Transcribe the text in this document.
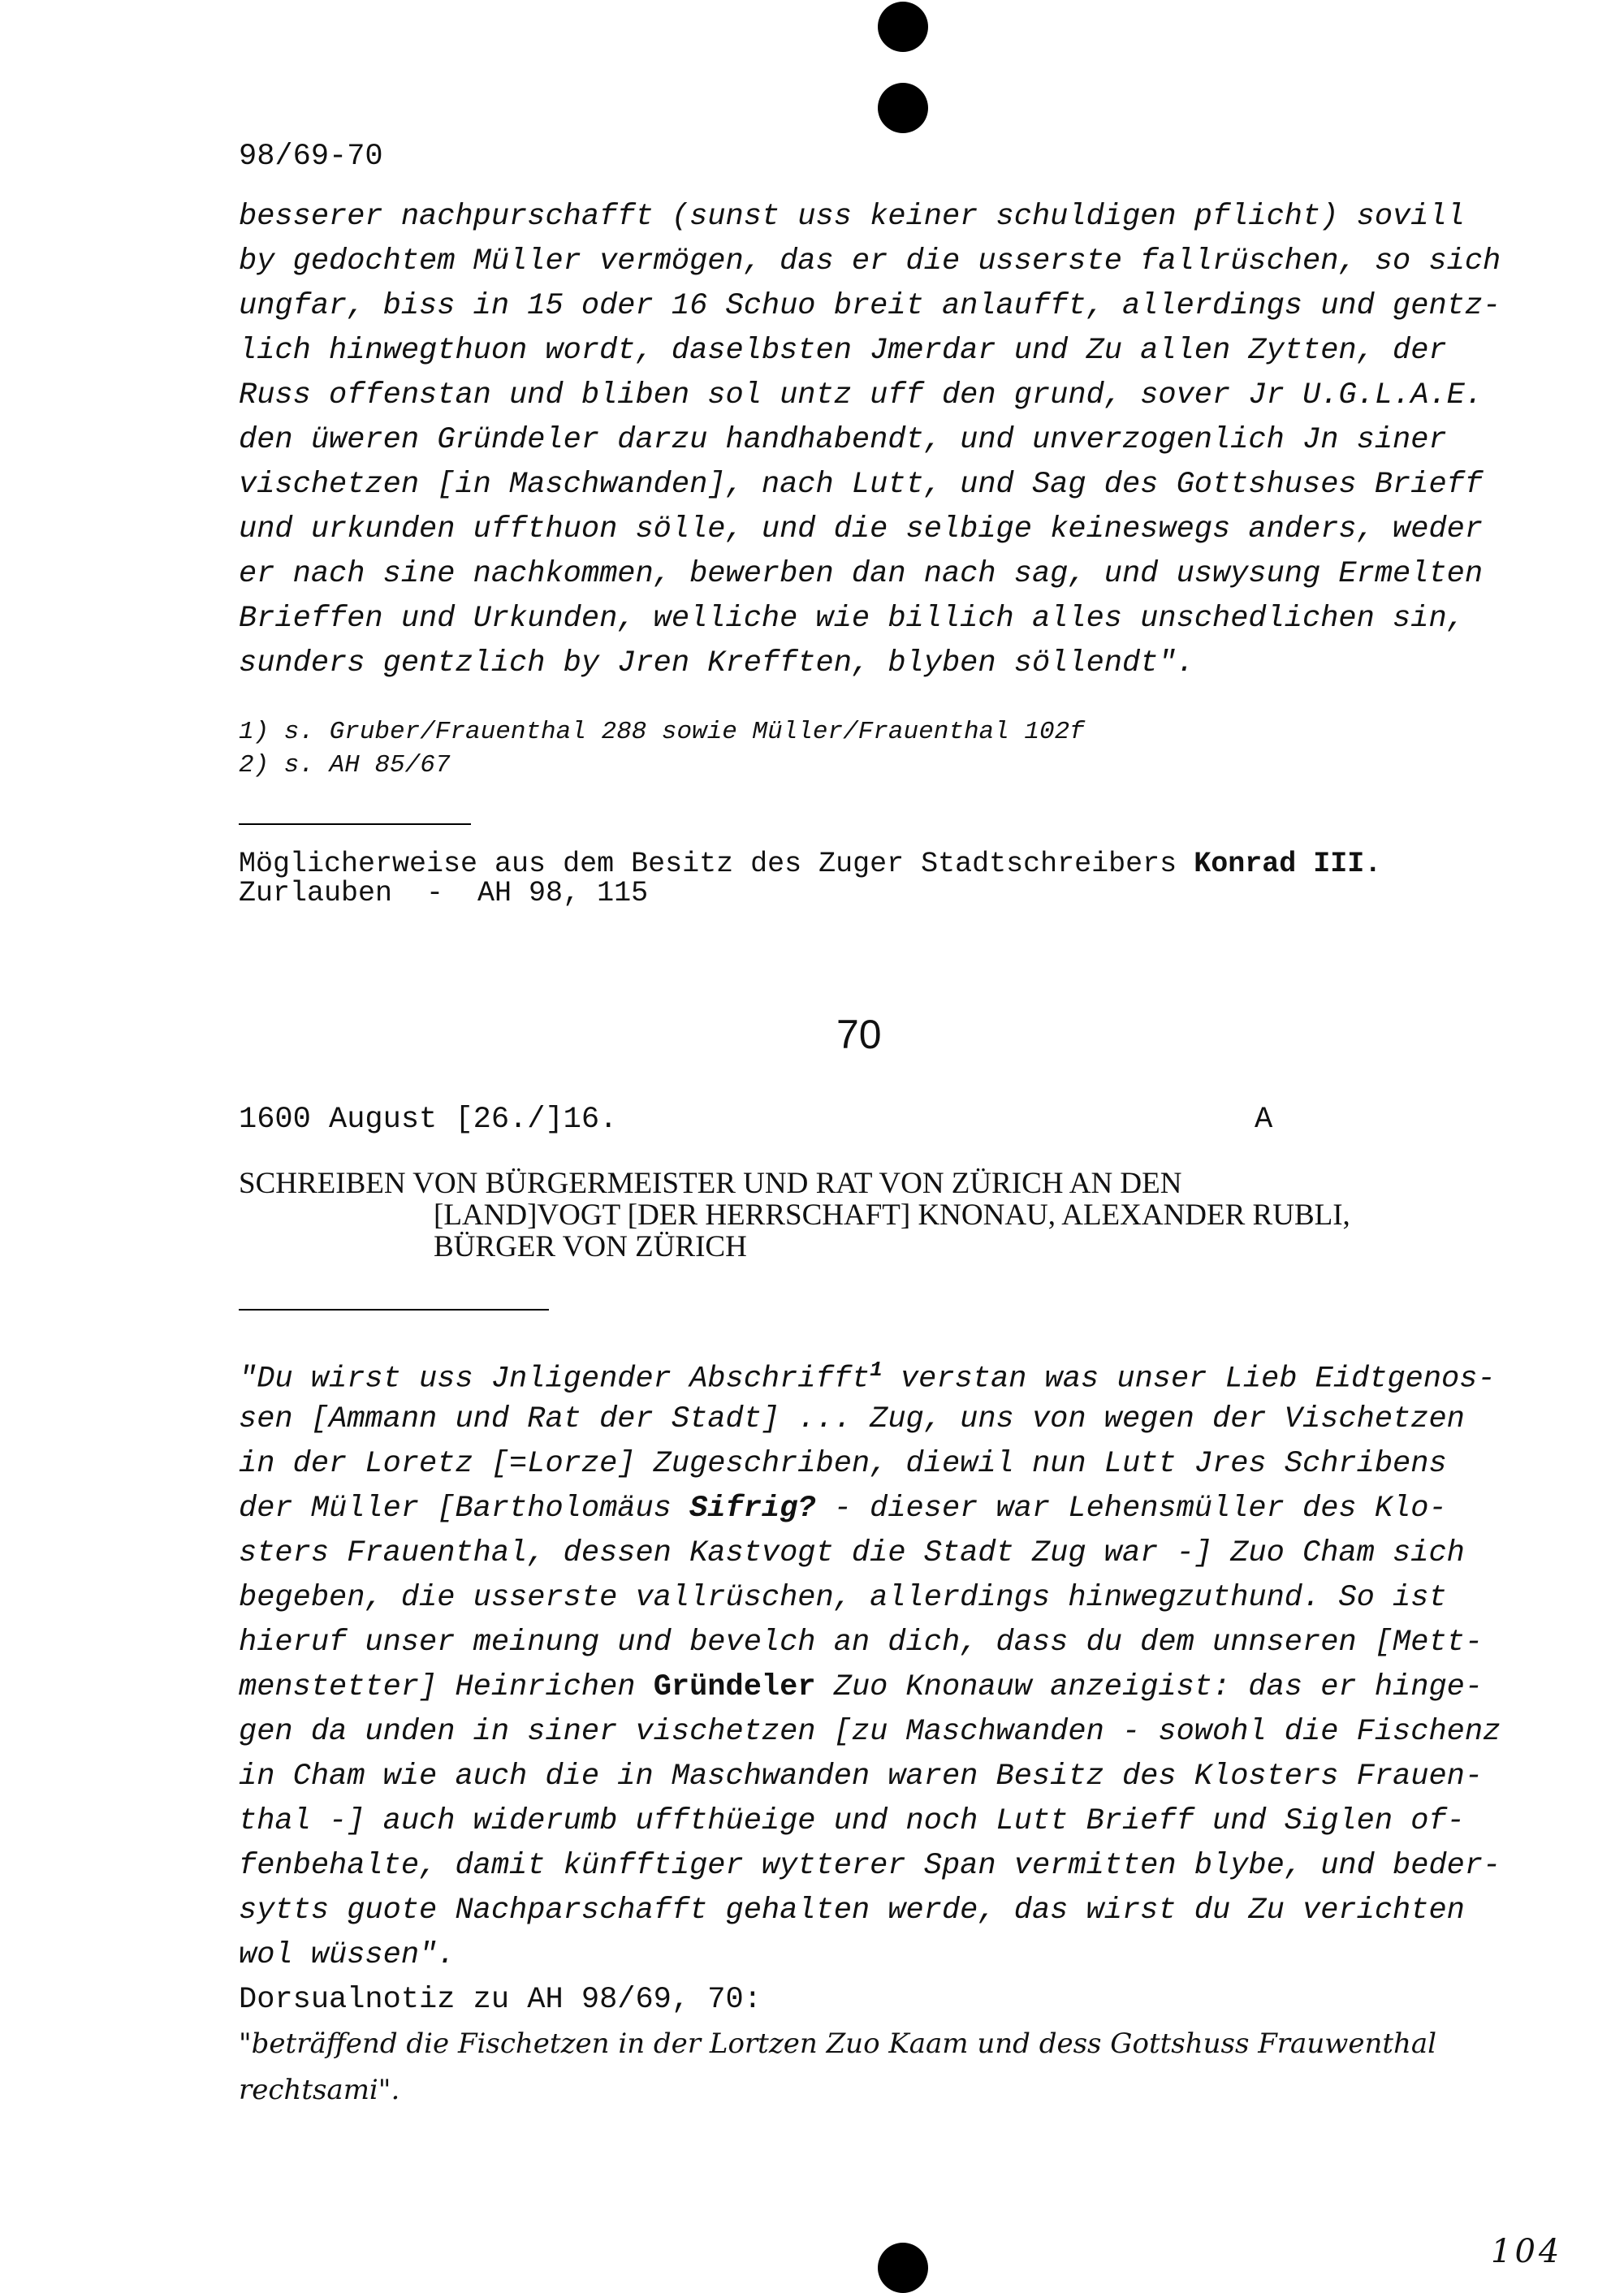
98/69-70
besserer nachpurschafft (sunst uss keiner schuldigen pflicht) sovill
by gedochtem Müller vermögen, das er die usserste fallrüschen, so sich
ungfar, biss in 15 oder 16 Schuo breit anlaufft, allerdings und gentz-
lich hinwegthuon wordt, daselbsten Jmerdar und Zu allen Zytten, der
Russ offenstan und bliben sol untz uff den grund, sover Jr U.G.L.A.E.
den üweren Gründeler darzu handhabendt, und unverzogenlich Jn siner
vischetzen [in Maschwanden], nach Lutt, und Sag des Gottshuses Brieff
und urkunden uffthuon sölle, und die selbige keineswegs anders, weder
er nach sine nachkommen, bewerben dan nach sag, und uswysung Ermelten
Brieffen und Urkunden, welliche wie billich alles unschedlichen sin,
sunders gentzlich by Jren Krefften, blyben söllendt".
1) s. Gruber/Frauenthal 288 sowie Müller/Frauenthal 102f
2) s. AH 85/67
Möglicherweise aus dem Besitz des Zuger Stadtschreibers Konrad III.
Zurlauben  -  AH 98, 115
70
1600 August [26./]16.	A
SCHREIBEN VON BÜRGERMEISTER UND RAT VON ZÜRICH AN DEN
[LAND]VOGT [DER HERRSCHAFT] KNONAU, ALEXANDER RUBLI,
BÜRGER VON ZÜRICH
"Du wirst uss Jnligender Abschrifft$^1$ verstan was unser Lieb Eidtgenos-
sen [Ammann und Rat der Stadt] ... Zug, uns von wegen der Vischetzen
in der Loretz [=Lorze] Zugeschriben, diewil nun Lutt Jres Schribens
der Müller [Bartholomäus Sifrig? - dieser war Lehensmüller des Klo-
sters Frauenthal, dessen Kastvogt die Stadt Zug war -] Zuo Cham sich
begeben, die usserste vallrüschen, allerdings hinwegzuthund. So ist
hieruf unser meinung und bevelch an dich, dass du dem unnseren [Mett-
menstetter] Heinrichen Gründeler Zuo Knonauw anzeigist: das er hinge-
gen da unden in siner vischetzen [zu Maschwanden - sowohl die Fischenz
in Cham wie auch die in Maschwanden waren Besitz des Klosters Frauen-
thal -] auch widerumb uffthüeige und noch Lutt Brieff und Siglen of-
fenbehalte, damit künfftiger wytterer Span vermitten blybe, und beder-
sytts guote Nachparschafft gehalten werde, das wirst du Zu verichten
wol wüssen".
Dorsualnotiz zu AH 98/69, 70:
"beträffend die Fischetzen in der Lortzen Zuo Kaam und dess Gottshuss Frauwenthal
rechtsami".
104
